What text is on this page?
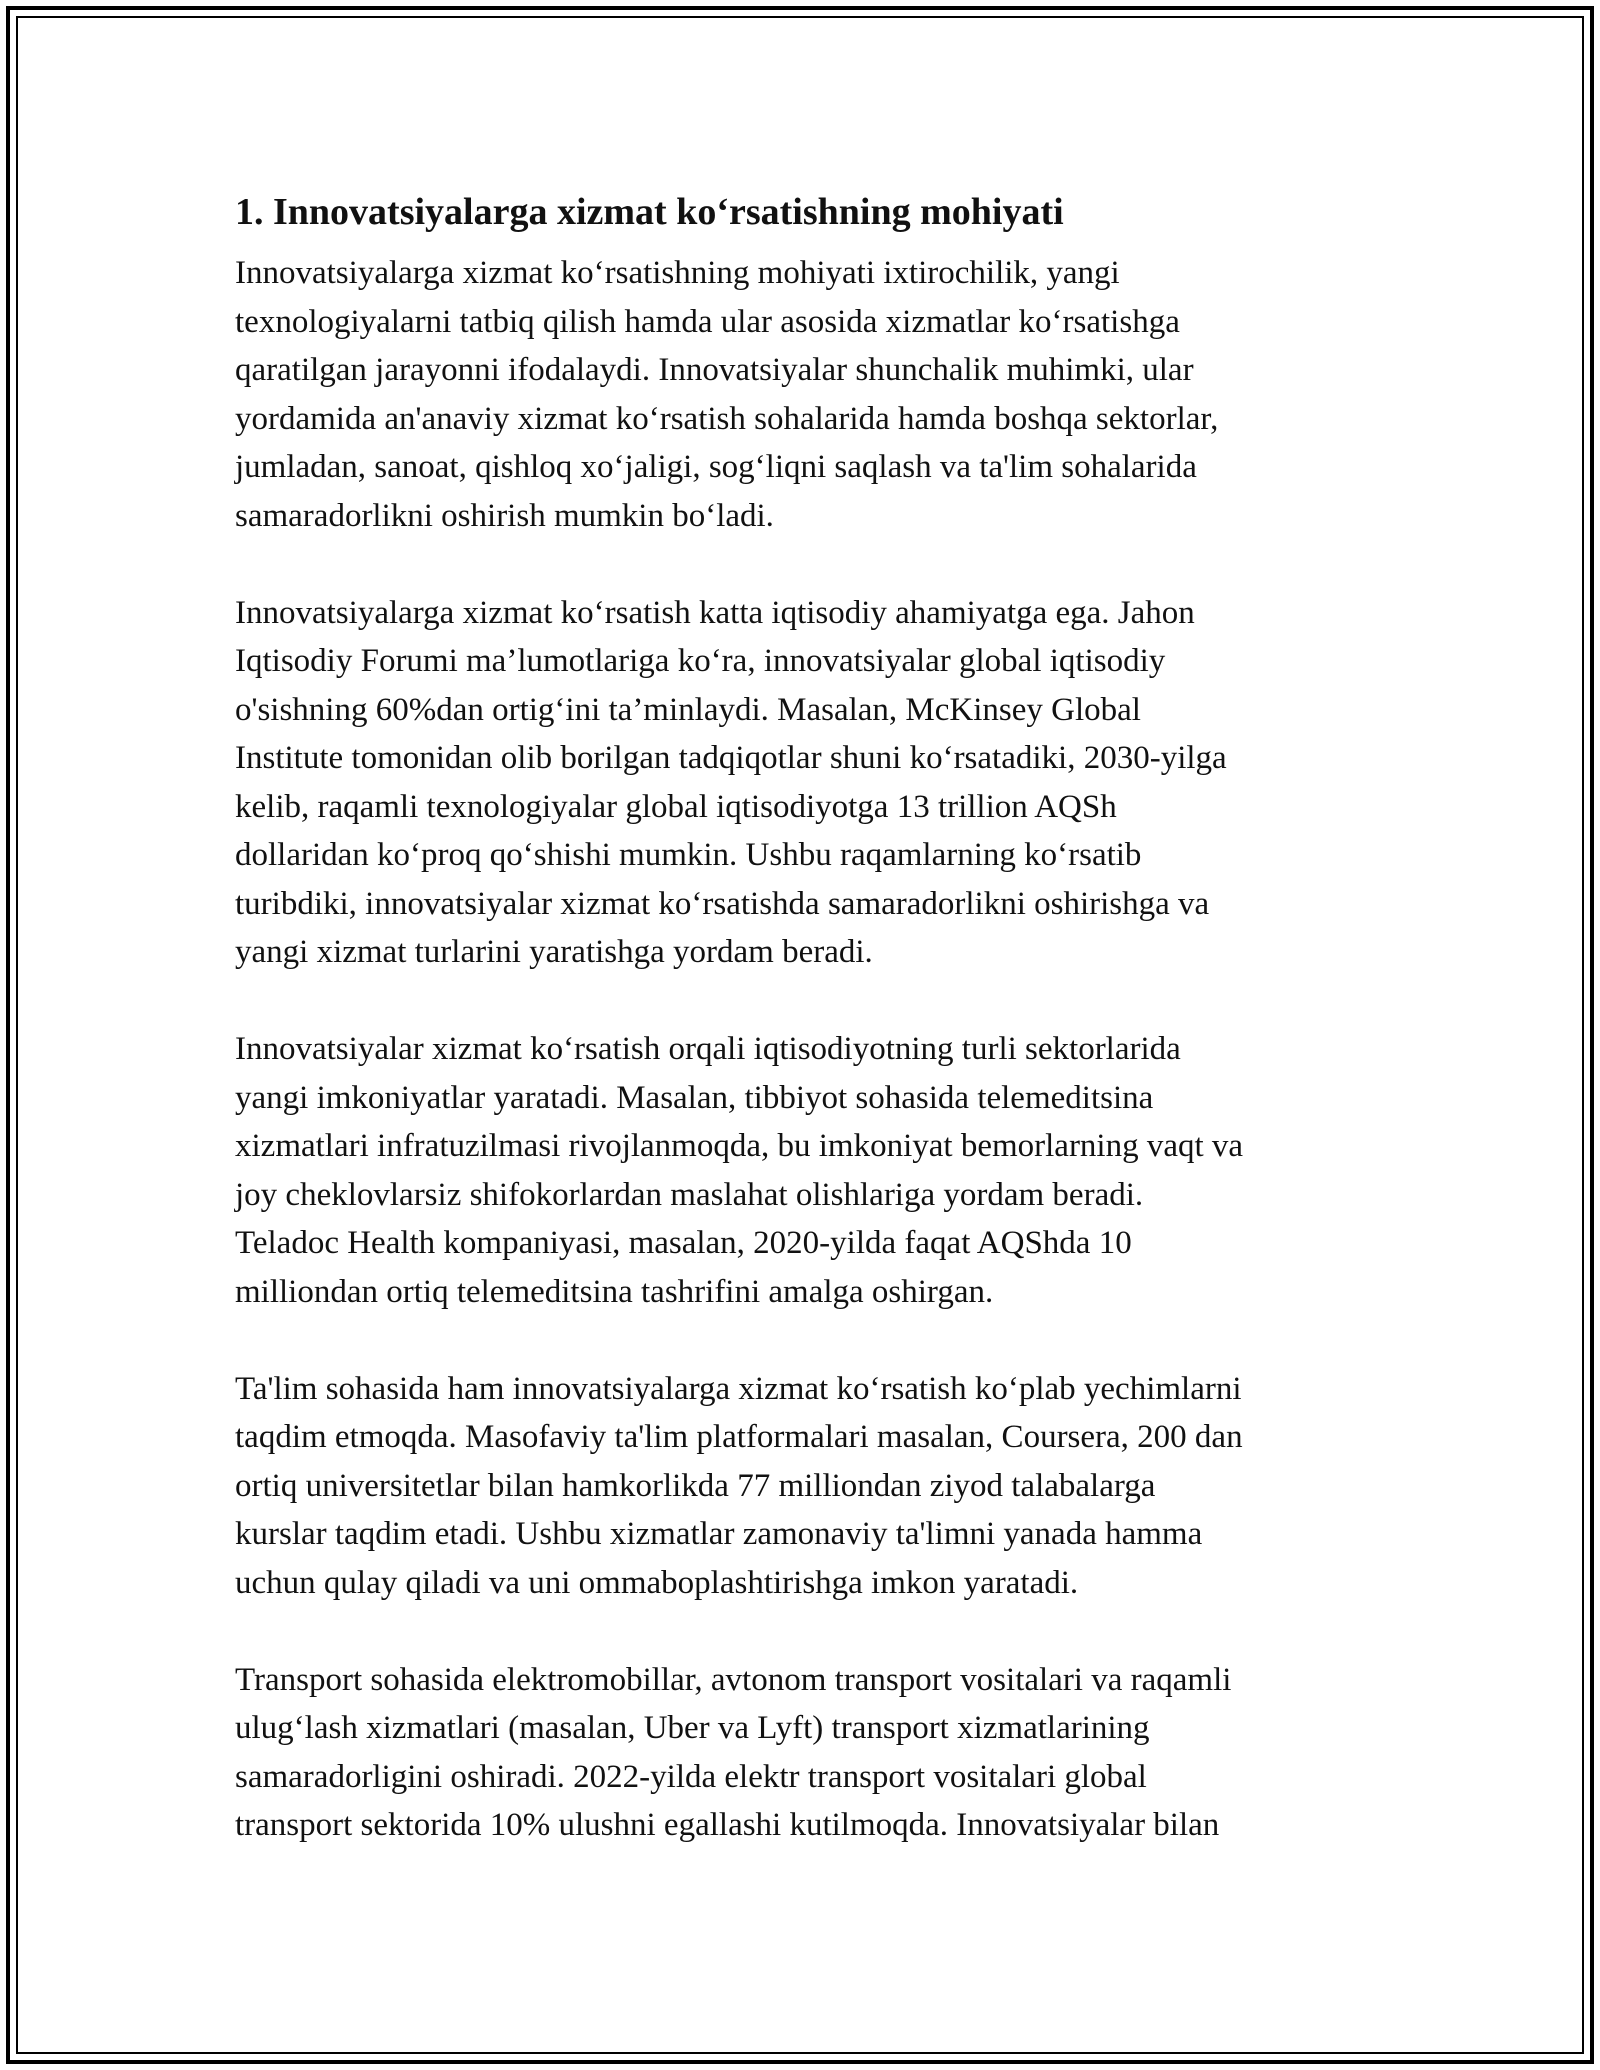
1. Innovatsiyalarga xizmat ko‘rsatishning mohiyati
Innovatsiyalarga xizmat ko‘rsatishning mohiyati ixtirochilik, yangi
texnologiyalarni tatbiq qilish hamda ular asosida xizmatlar ko‘rsatishga
qaratilgan jarayonni ifodalaydi. Innovatsiyalar shunchalik muhimki, ular
yordamida an'anaviy xizmat ko‘rsatish sohalarida hamda boshqa sektorlar,
jumladan, sanoat, qishloq xo‘jaligi, sog‘liqni saqlash va ta'lim sohalarida
samaradorlikni oshirish mumkin bo‘ladi.
Innovatsiyalarga xizmat ko‘rsatish katta iqtisodiy ahamiyatga ega. Jahon
Iqtisodiy Forumi ma’lumotlariga ko‘ra, innovatsiyalar global iqtisodiy
o'sishning 60%dan ortig‘ini ta’minlaydi. Masalan, McKinsey Global
Institute tomonidan olib borilgan tadqiqotlar shuni ko‘rsatadiki, 2030-yilga
kelib, raqamli texnologiyalar global iqtisodiyotga 13 trillion AQSh
dollaridan ko‘proq qo‘shishi mumkin. Ushbu raqamlarning ko‘rsatib
turibdiki, innovatsiyalar xizmat ko‘rsatishda samaradorlikni oshirishga va
yangi xizmat turlarini yaratishga yordam beradi.
Innovatsiyalar xizmat ko‘rsatish orqali iqtisodiyotning turli sektorlarida
yangi imkoniyatlar yaratadi. Masalan, tibbiyot sohasida telemeditsina
xizmatlari infratuzilmasi rivojlanmoqda, bu imkoniyat bemorlarning vaqt va
joy cheklovlarsiz shifokorlardan maslahat olishlariga yordam beradi.
Teladoc Health kompaniyasi, masalan, 2020-yilda faqat AQShda 10
milliondan ortiq telemeditsina tashrifini amalga oshirgan.
Ta'lim sohasida ham innovatsiyalarga xizmat ko‘rsatish ko‘plab yechimlarni
taqdim etmoqda. Masofaviy ta'lim platformalari masalan, Coursera, 200 dan
ortiq universitetlar bilan hamkorlikda 77 milliondan ziyod talabalarga
kurslar taqdim etadi. Ushbu xizmatlar zamonaviy ta'limni yanada hamma
uchun qulay qiladi va uni ommaboplashtirishga imkon yaratadi.
Transport sohasida elektromobillar, avtonom transport vositalari va raqamli
ulug‘lash xizmatlari (masalan, Uber va Lyft) transport xizmatlarining
samaradorligini oshiradi. 2022-yilda elektr transport vositalari global
transport sektorida 10% ulushni egallashi kutilmoqda. Innovatsiyalar bilan
